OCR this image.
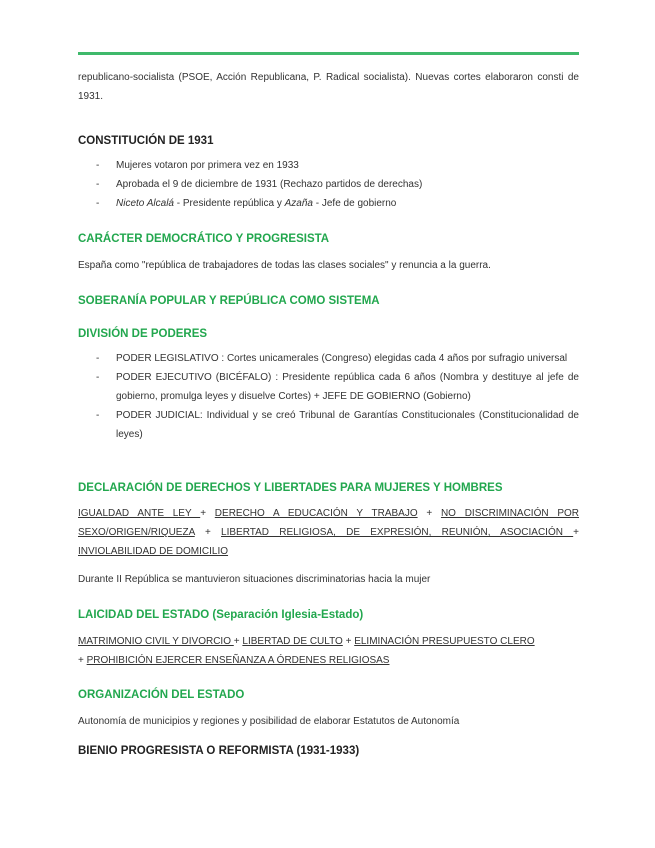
republicano-socialista (PSOE, Acción Republicana, P. Radical socialista). Nuevas cortes elaboraron consti de 1931.

CONSTITUCIÓN DE 1931
- Mujeres votaron por primera vez en 1933
- Aprobada el 9 de diciembre de 1931 (Rechazo partidos de derechas)
- Niceto Alcalá - Presidente república y Azaña - Jefe de gobierno
CARÁCTER DEMOCRÁTICO Y PROGRESISTA

España como "república de trabajadores de todas las clases sociales" y renuncia a la guerra.

SOBERANÍA POPULAR Y REPÚBLICA COMO SISTEMA
DIVISIÓN DE PODERES
- PODER LEGISLATIVO : Cortes unicamerales (Congreso) elegidas cada 4 años por sufragio universal
- PODER EJECUTIVO (BICÉFALO) : Presidente república cada 6 años (Nombra y destituye al jefe de gobierno, promulga leyes y disuelve Cortes) + JEFE DE GOBIERNO (Gobierno)
- PODER JUDICIAL: Individual y se creó Tribunal de Garantías Constitucionales (Constitucionalidad de leyes)
DECLARACIÓN DE DERECHOS Y LIBERTADES PARA MUJERES Y HOMBRES

IGUALDAD ANTE LEY + DERECHO A EDUCACIÓN Y TRABAJO + NO DISCRIMINACIÓN POR SEXO/ORIGEN/RIQUEZA + LIBERTAD RELIGIOSA, DE EXPRESIÓN, REUNIÓN, ASOCIACIÓN + INVIOLABILIDAD DE DOMICILIO

Durante II República se mantuvieron situaciones discriminatorias hacia la mujer

LAICIDAD DEL ESTADO (Separación Iglesia-Estado)

MATRIMONIO CIVIL Y DIVORCIO + LIBERTAD DE CULTO + ELIMINACIÓN PRESUPUESTO CLERO
+ PROHIBICIÓN EJERCER ENSEÑANZA A ÓRDENES RELIGIOSAS

ORGANIZACIÓN DEL ESTADO

Autonomía de municipios y regiones y posibilidad de elaborar Estatutos de Autonomía

BIENIO PROGRESISTA O REFORMISTA (1931-1933)
